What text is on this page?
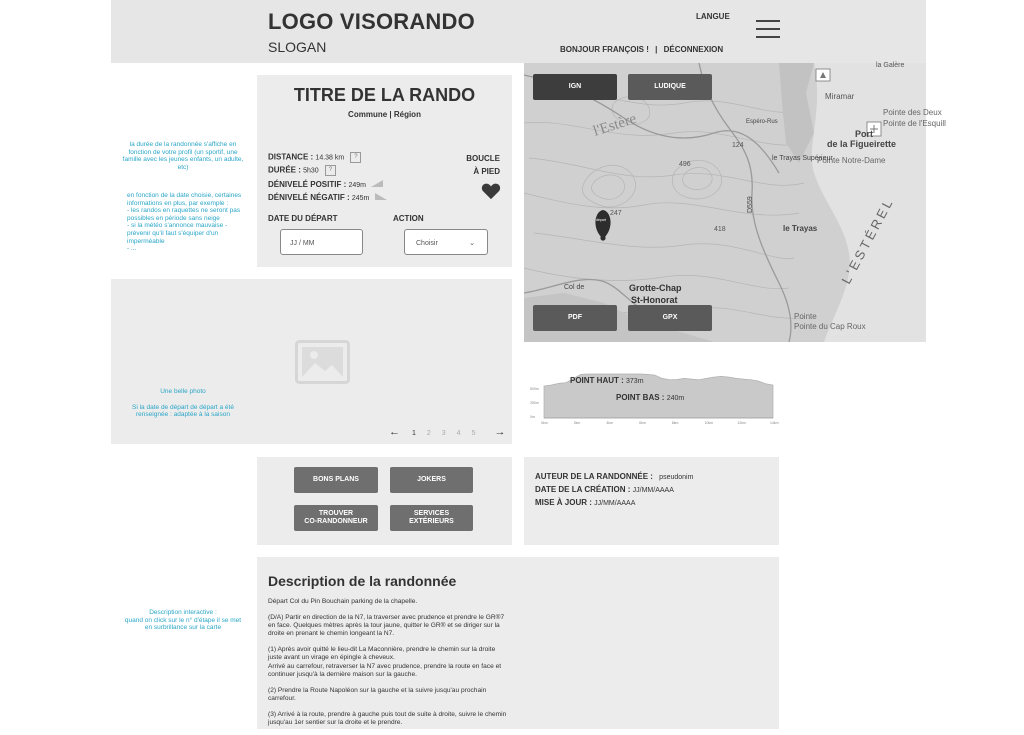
LOGO VISORANDO
SLOGAN
LANGUE
BONJOUR FRANÇOIS ! | DÉCONNEXION
la durée de la randonnée s'affiche en fonction de votre profil (un sportif, une famille avec les jeunes enfants, un adulte, etc)
en fonction de la date choisie, certaines informations en plus, par exemple :
- les randos en raquettes ne seront pas possibles en période sans neige
- si la météo s'annonce mauvaise - prévenir qu'il faut s'équiper d'un imperméable
- ...
TITRE DE LA RANDO
Commune | Région
DISTANCE : 14.38 km ?
DURÉE : 5h30 ?
DÉNIVELÉ POSITIF : 249m
DÉNIVELÉ NÉGATIF : 245m
BOUCLE
À PIED
DATE DU DÉPART	ACTION
JJ / MM	Choisir	⌄
l'Estère
Miramar
la Galère
Pointe des Deux
Pointe de l'Esquill
Port
de la Figueirette
Pointe Notre-Dame
le Trayas Supérieur
le Trayas L'ESTÉREL
Grotte-Chap
St-Honorat
Col de
Pointe du Cap Roux
Pointe
D559
Espéro-Rus
496
418
247
124
départ
IGN	LUDIQUE
PDF	GPX
Une belle photo
Si la date de départ de départ a été renseignée : adaptée à la saison
← 1 2 3 4 5 →
500m
250m
0m
0km	2km	4km	6km	8km	10km	12km	14km
POINT HAUT : 373m
POINT BAS : 240m
BONS PLANS	JOKERS
TROUVER
CO-RANDONNEUR
SERVICES
EXTÉRIEURS
AUTEUR DE LA RANDONNÉE : pseudonim
DATE DE LA CRÉATION : JJ/MM/AAAA
MISE À JOUR : JJ/MM/AAAA
Description de la randonnée

Départ Col du Pin Bouchain parking de la chapelle.

(D/A) Partir en direction de la N7, la traverser avec prudence et prendre le GR®7 en face. Quelques mètres après la tour jaune, quitter le GR® et se diriger sur la droite en prenant le chemin longeant la N7.

(1) Après avoir quitté le lieu-dit La Maconnière, prendre le chemin sur la droite juste avant un virage en épingle à cheveux.

Arrivé au carrefour, retraverser la N7 avec prudence, prendre la route en face et continuer jusqu'à la dernière maison sur la gauche.

(2) Prendre la Route Napoléon sur la gauche et la suivre jusqu'au prochain carrefour.

(3) Arrivé à la route, prendre à gauche puis tout de suite à droite, suivre le chemin jusqu'au 1er sentier sur la droite et le prendre.

Description interactive :
quand on click sur le n° d'étape il se met en surbrillance sur la carte
